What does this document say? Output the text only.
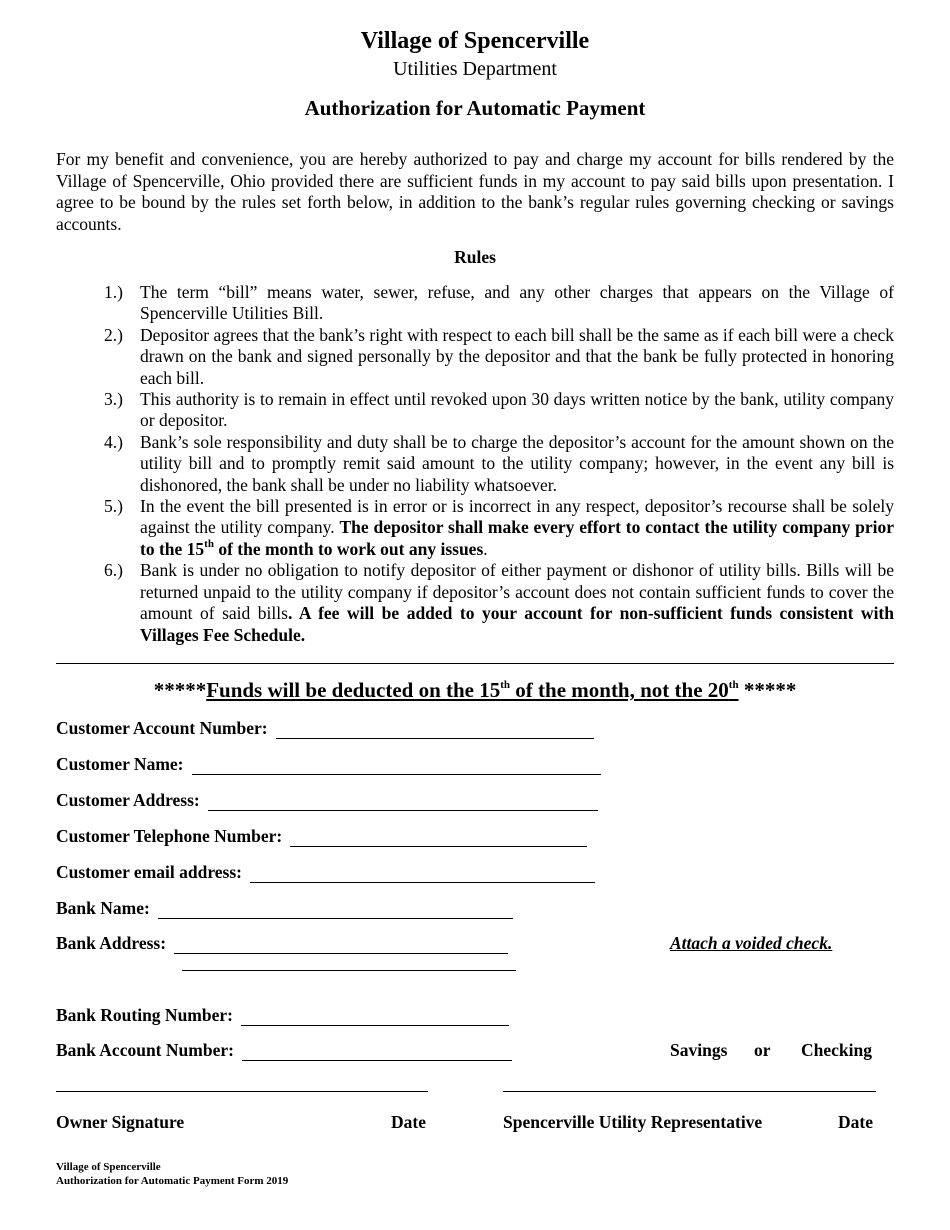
Village of Spencerville
Utilities Department
Authorization for Automatic Payment
For my benefit and convenience, you are hereby authorized to pay and charge my account for bills rendered by the Village of Spencerville, Ohio provided there are sufficient funds in my account to pay said bills upon presentation. I agree to be bound by the rules set forth below, in addition to the bank’s regular rules governing checking or savings accounts.
Rules
1.) The term “bill” means water, sewer, refuse, and any other charges that appears on the Village of Spencerville Utilities Bill.
2.) Depositor agrees that the bank’s right with respect to each bill shall be the same as if each bill were a check drawn on the bank and signed personally by the depositor and that the bank be fully protected in honoring each bill.
3.) This authority is to remain in effect until revoked upon 30 days written notice by the bank, utility company or depositor.
4.) Bank’s sole responsibility and duty shall be to charge the depositor’s account for the amount shown on the utility bill and to promptly remit said amount to the utility company; however, in the event any bill is dishonored, the bank shall be under no liability whatsoever.
5.) In the event the bill presented is in error or is incorrect in any respect, depositor’s recourse shall be solely against the utility company. The depositor shall make every effort to contact the utility company prior to the 15th of the month to work out any issues.
6.) Bank is under no obligation to notify depositor of either payment or dishonor of utility bills. Bills will be returned unpaid to the utility company if depositor’s account does not contain sufficient funds to cover the amount of said bills. A fee will be added to your account for non-sufficient funds consistent with Villages Fee Schedule.
*****Funds will be deducted on the 15th of the month, not the 20th *****
Customer Account Number:
Customer Name:
Customer Address:
Customer Telephone Number:
Customer email address:
Bank Name:
Bank Address:	Attach a voided check.
Bank Routing Number:
Bank Account Number:	Savings or Checking
Owner Signature	Date	Spencerville Utility Representative	Date
Village of Spencerville
Authorization for Automatic Payment Form 2019
